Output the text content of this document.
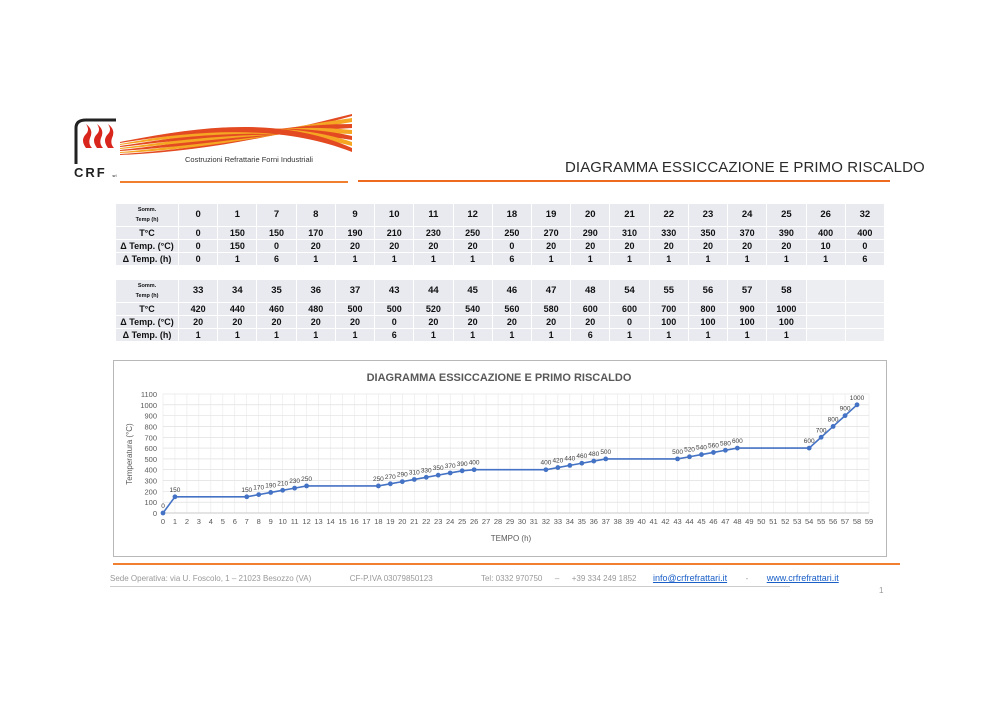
CRF srl
Costruzioni Refrattarie Forni Industriali	DIAGRAMMA ESSICCAZIONE E PRIMO RISCALDO
Somm.
Temp (h)	0	1	7	8	9	10	11	12	18	19	20	21	22	23	24	25	26	32
T°C	0	150	150	170	190	210	230	250	250	270	290	310	330	350	370	390	400	400
Δ Temp. (°C)	0	150	0	20	20	20	20	20	0	20	20	20	20	20	20	20	10	0
Δ Temp. (h)	0	1	6	1	1	1	1	1	6	1	1	1	1	1	1	1	1	6
Somm.
Temp (h)	33	34	35	36	37	43	44	45	46	47	48	54	55	56	57	58		
T°C	420	440	460	480	500	500	520	540	560	580	600	600	700	800	900	1000		
Δ Temp. (°C)	20	20	20	20	20	0	20	20	20	20	20	0	100	100	100	100		
Δ Temp. (h)	1	1	1	1	1	6	1	1	1	1	6	1	1	1	1	1		
DIAGRAMMA ESSICCAZIONE E PRIMO RISCALDO
0
100
200
300
400
500
600
700
800
900
1000
1100
0 1 2 3 4 5 6 7 8 9 10 11 12 13 14 15 16 17 18 19 20 21 22 23 24 25 26 27 28 29 30 31 32 33 34 35 36 37 38 39 40 41 42 43 44 45 46 47 48 49 50 51 52 53 54 55 56 57 58 59
0
150	150 170 190 210 230 250	250 270 290 310 330 350 370 390 400	400 420 440 460 480 500	500 520 540 560 580 600	600
700
800
900
1000
TEMPO (h)
Temperatura (°C)
Sede Operativa: via U. Foscolo, 1 – 21023 Besozzo (VA)	CF-P.IVA 03079850123	Tel: 0332 970750 – +39 334 249 1852 info@crfrefrattari.it - www.crfrefrattari.it
1
